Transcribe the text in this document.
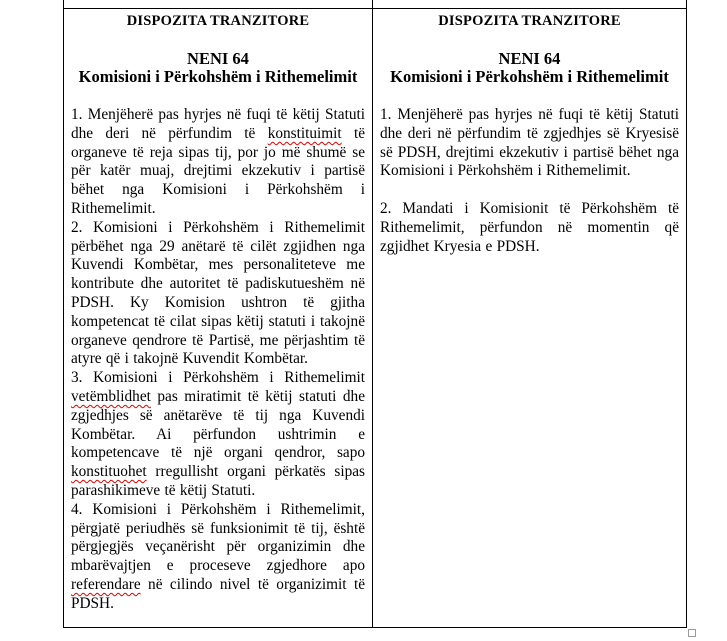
DISPOZITA TRANZITORE
NENI 64
Komisioni i Përkohshëm i Rithemelimit

1. Menjëherë pas hyrjes në fuqi të këtij Statuti dhe deri në përfundim të konstituimit të organeve të reja sipas tij, por jo më shumë se për katër muaj, drejtimi ekzekutiv i partisë bëhet nga Komisioni i Përkohshëm i Rithemelimit.

2. Komisioni i Përkohshëm i Rithemelimit përbëhet nga 29 anëtarë të cilët zgjidhen nga Kuvendi Kombëtar, mes personaliteteve me kontribute dhe autoritet të padiskutueshëm në PDSH. Ky Komision ushtron të gjitha kompetencat të cilat sipas këtij statuti i takojnë organeve qendrore të Partisë, me përjashtim të atyre që i takojnë Kuvendit Kombëtar.

3. Komisioni i Përkohshëm i Rithemelimit vetëmblidhet pas miratimit të këtij statuti dhe zgjedhjes së anëtarëve të tij nga Kuvendi Kombëtar. Ai përfundon ushtrimin e kompetencave të një organi qendror, sapo konstituohet rregullisht organi përkatës sipas parashikimeve të këtij Statuti.

4. Komisioni i Përkohshëm i Rithemelimit, përgjatë periudhës së funksionimit të tij, është përgjegjës veçanërisht për organizimin dhe mbarëvajtjen e proceseve zgjedhore apo referendare në cilindo nivel të organizimit të PDSH.

DISPOZITA TRANZITORE
NENI 64
Komisioni i Përkohshëm i Rithemelimit

1. Menjëherë pas hyrjes në fuqi të këtij Statuti dhe deri në përfundim të zgjedhjes së Kryesisë së PDSH, drejtimi ekzekutiv i partisë bëhet nga Komisioni i Përkohshëm i Rithemelimit.

2. Mandati i Komisionit të Përkohshëm të Rithemelimit, përfundon në momentin që zgjidhet Kryesia e PDSH.
